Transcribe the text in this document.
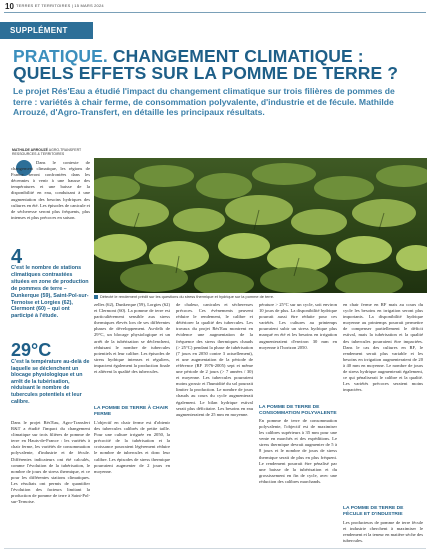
10 TERRES ET TERRITOIRES | 15 MARS 2024
SUPPLÉMENT
PRATIQUE. CHANGEMENT CLIMATIQUE :
QUELS EFFETS SUR LA POMME DE TERRE ?
Le projet Rés'Eau a étudié l'impact du changement climatique sur trois filières de pommes de terre : variétés à chair ferme, de consommation polyvalente, d'industrie et de fécule. Mathilde Arrouzé, d'Agro-Transfert, en détaille les principaux résultats.
MATHILDE ARROUZÉ AGRO-TRANSFERT RESSOURCES & TERRITOIRES
Dans le contexte de changement climatique, les régions de France seront confrontées dans les décennies à venir à une hausse des températures et une baisse de la disponibilité en eau, conduisant à une augmentation des besoins hydriques des cultures en été. Les épisodes de canicule et de sécheresse seront plus fréquents, plus intenses et plus précoces en saison.
4
C'est le nombre de stations climatiques contrastées situées en zone de production de pommes de terre – Dunkerque (59), Saint-Pol-sur-Ternoise et Lorgies (62), Clermont (60) – qui ont participé à l'étude.
29°C
C'est la température au-delà de laquelle se déclenchent un blocage physiologique et un arrêt de la tubérisation, réduisant le nombre de tubercules potentiels et leur calibre.
Dans le projet Rés'Eau, Agro-Transfert R&T a étudié l'impact du changement climatique sur trois filières de pomme de terre en Hauts-de-France : les variétés à chair ferme, les variétés de consommation polyvalente, d'industrie et de fécule. Différentes indicateurs ont été calculés, comme l'évolution de la tubérisation, le nombre de jours de stress thermique, et ce pour les différentes stations climatiques. Les résultats ont permis de quantifier l'évolution des facteurs limitant la production de pomme de terre à Saint-Pol-sur-Ternoise.
Détecté le rendement prédit sur les questions du stress thermique et hydrique sur la pomme de terre.
zelles (62), Dunkerque (59), Lorgies (62) et Clermont (60). La pomme de terre est particulièrement sensible aux stress thermiques élevés lors de ses différentes phases de développement. Au-delà de 29°C, un blocage physiologique et un arrêt de la tubérisation se déclenchent, réduisant le nombre de tubercules potentiels et leur calibre. Les épisodes de stress hydrique intenses et réguliers, impactent également la production finale et altèrent la qualité des tubercules.
LA POMME DE TERRE À CHAIR FERME
L'objectif en chair ferme est d'obtenir des tubercules calibrés de petite taille. Pour une culture irriguée en 2050, la précocité de la tubérisation et la croissance pourraient légèrement réduire le nombre de tubercules et donc leur calibre. Les épisodes de stress thermique pourraient augmenter de 2 jours en moyenne.
de chaleur, canicules et sécheresses précoces. Ces évènements peuvent réduire le rendement, le calibre et détériorer la qualité des tubercules. Les travaux du projet Rés'Eau montrent en évidence une augmentation de la fréquence des stress thermiques chauds (> 25°C) pendant la phase de tubérisation (7 jours en 2050 contre 3 actuellement), et une augmentation de la période de référence (RF 1976-2005) sept et même une période de 2 jours (> 7 années / 30) et moyenne. Les tubercules pourraient moins grossir et l'humidité du sol pourrait limiter la production. Le nombre de jours chauds au cours du cycle augmenterait également. Le bilan hydrique estival serait plus déficitaire. Les besoins en eau augmenteraient de 25 mm en moyenne.
pérature > 25°C sur un cycle, soit environ 10 jours de plus. La disponibilité hydrique pourrait aussi être réduite pour ces variétés. Les cultures au printemps pourraient subir un stress hydrique plus marqué en été et les besoins en irrigation augmenteraient d'environ 30 mm en moyenne à l'horizon 2050.
LA POMME DE TERRE DE CONSOMMATION POLYVALENTE
En pomme de terre de consommation polyvalente, l'objectif est de maximiser les calibres supérieurs à 35 mm pour une vente en marchés et des expéditions. Le stress thermique devrait augmenter de 5 à 8 jours et le nombre de jours de stress thermique serait de plus en plus fréquent. Le rendement pourrait être pénalisé par une baisse de la tubérisation et du grossissement en fin de cycle, avec une réduction des calibres marchands.
en chair ferme en RF mais au cours du cycle les besoins en irrigation seront plus importants. La disponibilité hydrique moyenne au printemps pourrait permettre de compenser partiellement le déficit estival, mais la tubérisation et la qualité des tubercules pourraient être impactées. Dans le cas des cultures en RF, le rendement serait plus variable et les besoins en irrigation augmenteraient de 20 à 40 mm en moyenne. Le nombre de jours de stress hydrique augmenterait également, ce qui pénaliserait le calibre et la qualité. Les variétés précoces seraient moins impactées.
LA POMME DE TERRE DE FÉCULE ET D'INDUSTRIE
Les producteurs de pomme de terre fécule et industrie cherchent à maximiser le rendement et la teneur en matière sèche des tubercules.
